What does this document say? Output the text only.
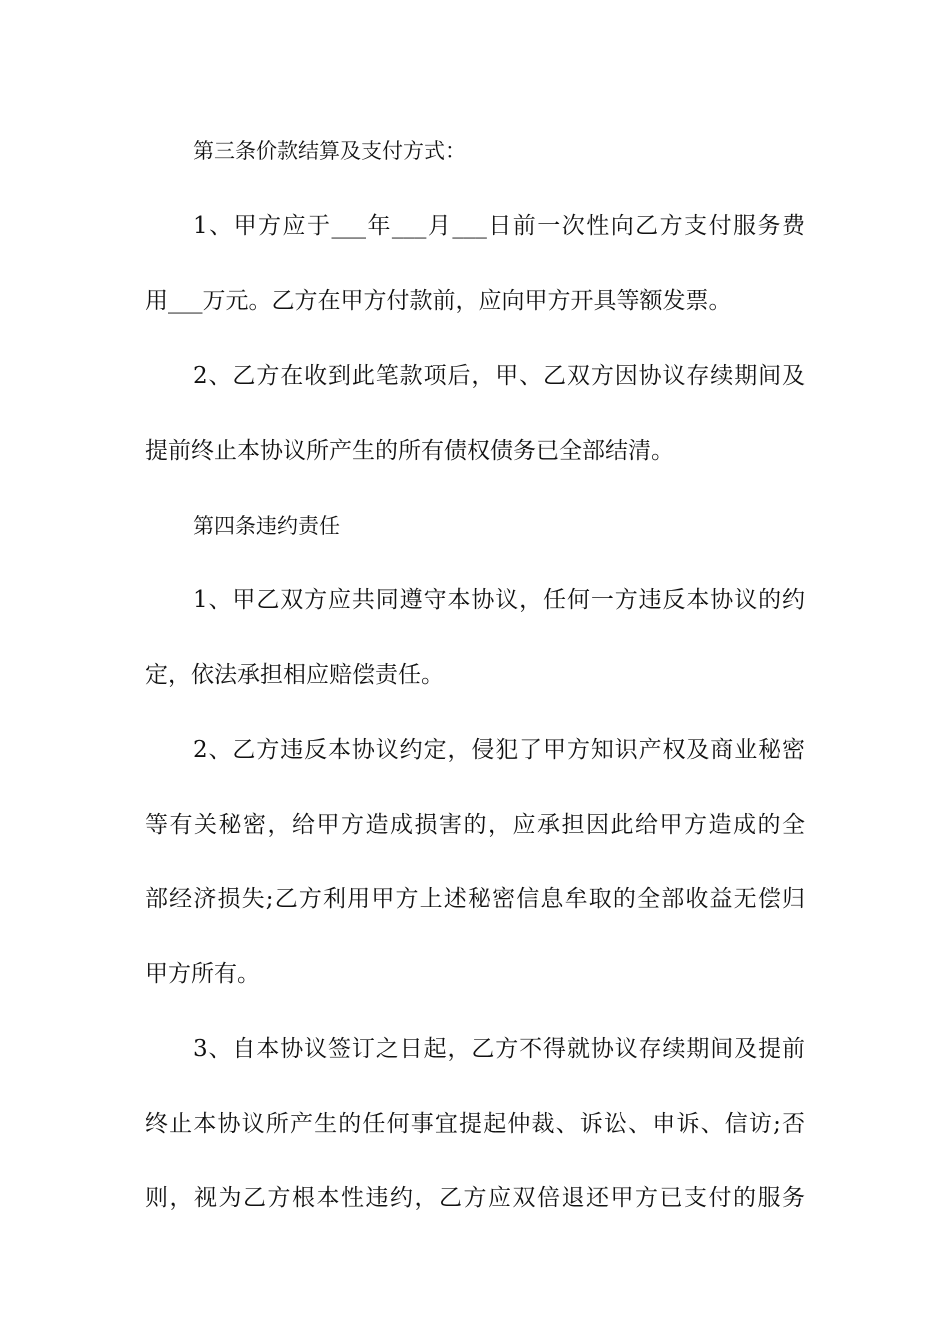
第三条价款结算及支付方式：
1、甲方应于___年___月___日前一次性向乙方支付服务费
用___万元。乙方在甲方付款前，应向甲方开具等额发票。
2、乙方在收到此笔款项后，甲、乙双方因协议存续期间及
提前终止本协议所产生的所有债权债务已全部结清。
第四条违约责任
1、甲乙双方应共同遵守本协议，任何一方违反本协议的约
定，依法承担相应赔偿责任。
2、乙方违反本协议约定，侵犯了甲方知识产权及商业秘密
等有关秘密，给甲方造成损害的，应承担因此给甲方造成的全
部经济损失;乙方利用甲方上述秘密信息牟取的全部收益无偿归
甲方所有。
3、自本协议签订之日起，乙方不得就协议存续期间及提前
终止本协议所产生的任何事宜提起仲裁、诉讼、申诉、信访;否
则，视为乙方根本性违约，乙方应双倍退还甲方已支付的服务
